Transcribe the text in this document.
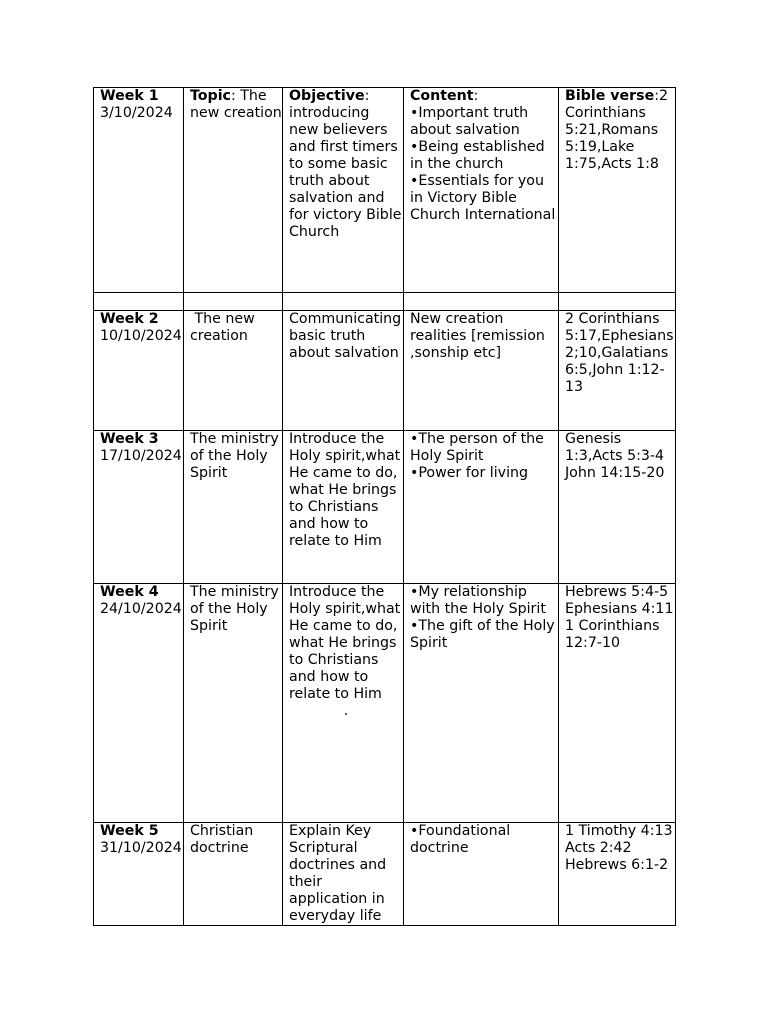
Week 1
3/10/2024	Topic: The new creation	Objective: introducing new believers and first timers to some basic truth about salvation and for victory Bible Church	Content:
•Important truth about salvation
•Being established in the church
•Essentials for you in Victory Bible Church International	Bible verse:2 Corinthians 5:21,Romans 5:19,Lake 1:75,Acts 1:8

Week 2
10/10/2024	The new creation	Communicating basic truth about salvation	New creation realities [remission ,sonship etc]	2 Corinthians 5:17,Ephesians 2;10,Galatians 6:5,John 1:12-13

Week 3
17/10/2024	The ministry of the Holy Spirit	Introduce the Holy spirit,what He came to do, what He brings to Christians and how to relate to Him	•The person of the Holy Spirit
•Power for living	Genesis 1:3,Acts 5:3-4
John 14:15-20

Week 4
24/10/2024	The ministry of the Holy Spirit	Introduce the Holy spirit,what He came to do, what He brings to Christians and how to relate to Him
.	•My relationship with the Holy Spirit
•The gift of the Holy Spirit	Hebrews 5:4-5
Ephesians 4:11
1 Corinthians 12:7-10

Week 5
31/10/2024	Christian doctrine	Explain Key Scriptural doctrines and their application in everyday life	•Foundational doctrine	1 Timothy 4:13
Acts 2:42
Hebrews 6:1-2
